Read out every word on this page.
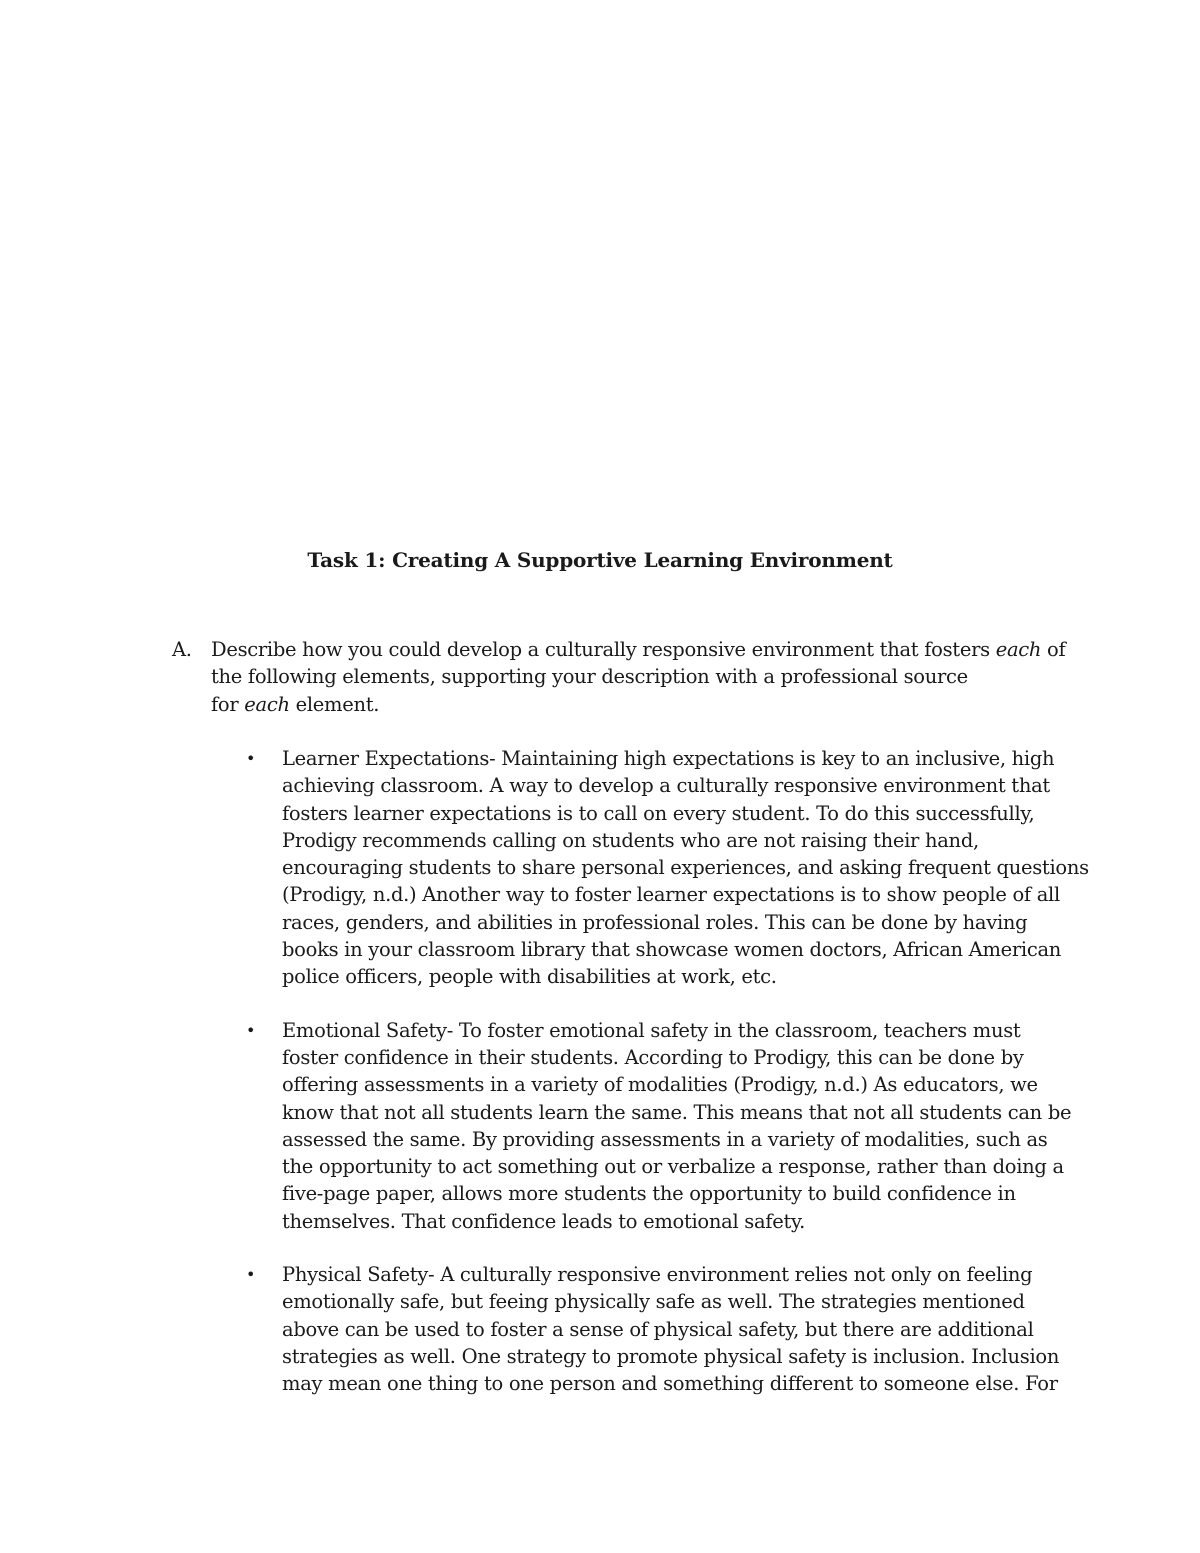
Task 1: Creating A Supportive Learning Environment
A. Describe how you could develop a culturally responsive environment that fosters each of
the following elements, supporting your description with a professional source
for each element.
• Learner Expectations- Maintaining high expectations is key to an inclusive, high
achieving classroom. A way to develop a culturally responsive environment that
fosters learner expectations is to call on every student. To do this successfully,
Prodigy recommends calling on students who are not raising their hand,
encouraging students to share personal experiences, and asking frequent questions
(Prodigy, n.d.) Another way to foster learner expectations is to show people of all
races, genders, and abilities in professional roles. This can be done by having
books in your classroom library that showcase women doctors, African American
police officers, people with disabilities at work, etc.
• Emotional Safety- To foster emotional safety in the classroom, teachers must
foster confidence in their students. According to Prodigy, this can be done by
offering assessments in a variety of modalities (Prodigy, n.d.) As educators, we
know that not all students learn the same. This means that not all students can be
assessed the same. By providing assessments in a variety of modalities, such as
the opportunity to act something out or verbalize a response, rather than doing a
five-page paper, allows more students the opportunity to build confidence in
themselves. That confidence leads to emotional safety.
• Physical Safety- A culturally responsive environment relies not only on feeling
emotionally safe, but feeing physically safe as well. The strategies mentioned
above can be used to foster a sense of physical safety, but there are additional
strategies as well. One strategy to promote physical safety is inclusion. Inclusion
may mean one thing to one person and something different to someone else. For
